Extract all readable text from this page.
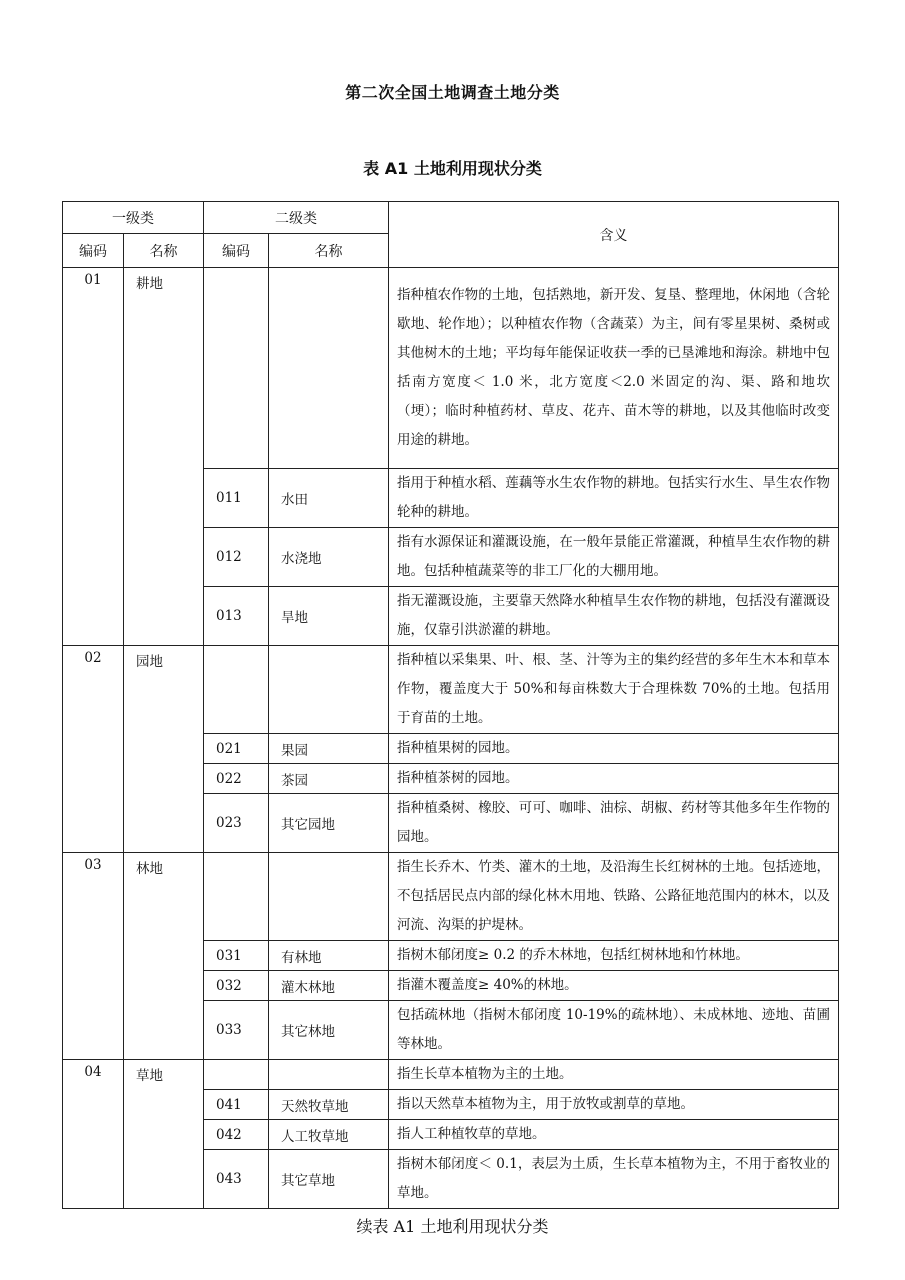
第二次全国土地调查土地分类
表 A1 土地利用现状分类
一级类		二级类		含义
编码	名称	编码	名称	
01	耕地			指种植农作物的土地，包括熟地，新开发、复垦、整理地，休闲地（含轮歇地、轮作地）；以种植农作物（含蔬菜）为主，间有零星果树、桑树或其他树木的土地；平均每年能保证收获一季的已垦滩地和海涂。耕地中包括南方宽度＜ 1.0 米，北方宽度＜2.0 米固定的沟、渠、路和地坎（埂）；临时种植药材、草皮、花卉、苗木等的耕地，以及其他临时改变用途的耕地。
		011	水田	指用于种植水稻、莲藕等水生农作物的耕地。包括实行水生、旱生农作物轮种的耕地。
		012	水浇地	指有水源保证和灌溉设施，在一般年景能正常灌溉，种植旱生农作物的耕地。包括种植蔬菜等的非工厂化的大棚用地。
		013	旱地	指无灌溉设施，主要靠天然降水种植旱生农作物的耕地，包括没有灌溉设施，仅靠引洪淤灌的耕地。
02	园地			指种植以采集果、叶、根、茎、汁等为主的集约经营的多年生木本和草本作物，覆盖度大于 50%和每亩株数大于合理株数 70%的土地。包括用于育苗的土地。
		021	果园	指种植果树的园地。
		022	茶园	指种植茶树的园地。
		023	其它园地	指种植桑树、橡胶、可可、咖啡、油棕、胡椒、药材等其他多年生作物的园地。
03	林地			指生长乔木、竹类、灌木的土地，及沿海生长红树林的土地。包括迹地，不包括居民点内部的绿化林木用地、铁路、公路征地范围内的林木，以及河流、沟渠的护堤林。
		031	有林地	指树木郁闭度≥ 0.2 的乔木林地，包括红树林地和竹林地。
		032	灌木林地	指灌木覆盖度≥ 40%的林地。
		033	其它林地	包括疏林地（指树木郁闭度 10-19%的疏林地）、未成林地、迹地、苗圃等林地。
04	草地			指生长草本植物为主的土地。
		041	天然牧草地	指以天然草本植物为主，用于放牧或割草的草地。
		042	人工牧草地	指人工种植牧草的草地。
		043	其它草地	指树木郁闭度＜ 0.1，表层为土质，生长草本植物为主，不用于畜牧业的草地。
续表 A1 土地利用现状分类
